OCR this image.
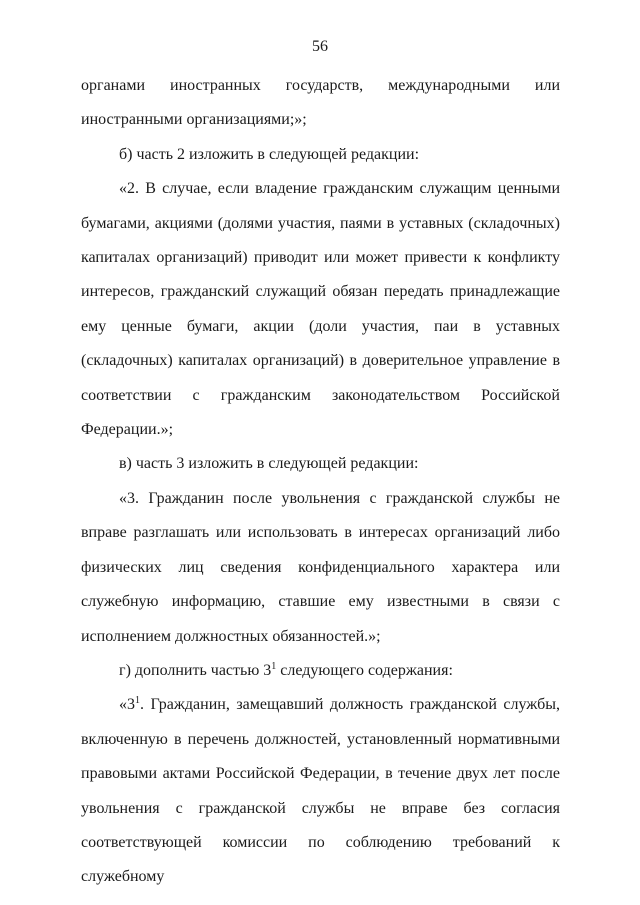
56

органами иностранных государств, международными или иностранными организациями;»;

б) часть 2 изложить в следующей редакции:

«2. В случае, если владение гражданским служащим ценными бумагами, акциями (долями участия, паями в уставных (складочных) капиталах организаций) приводит или может привести к конфликту интересов, гражданский служащий обязан передать принадлежащие ему ценные бумаги, акции (доли участия, паи в уставных (складочных) капиталах организаций) в доверительное управление в соответствии с гражданским законодательством Российской Федерации.»;

в) часть 3 изложить в следующей редакции:

«3. Гражданин после увольнения с гражданской службы не вправе разглашать или использовать в интересах организаций либо физических лиц сведения конфиденциального характера или служебную информацию, ставшие ему известными в связи с исполнением должностных обязанностей.»;

г) дополнить частью $3^1$ следующего содержания:

«$3^1$. Гражданин, замещавший должность гражданской службы, включенную в перечень должностей, установленный нормативными правовыми актами Российской Федерации, в течение двух лет после увольнения с гражданской службы не вправе без согласия соответствующей комиссии по соблюдению требований к служебному
